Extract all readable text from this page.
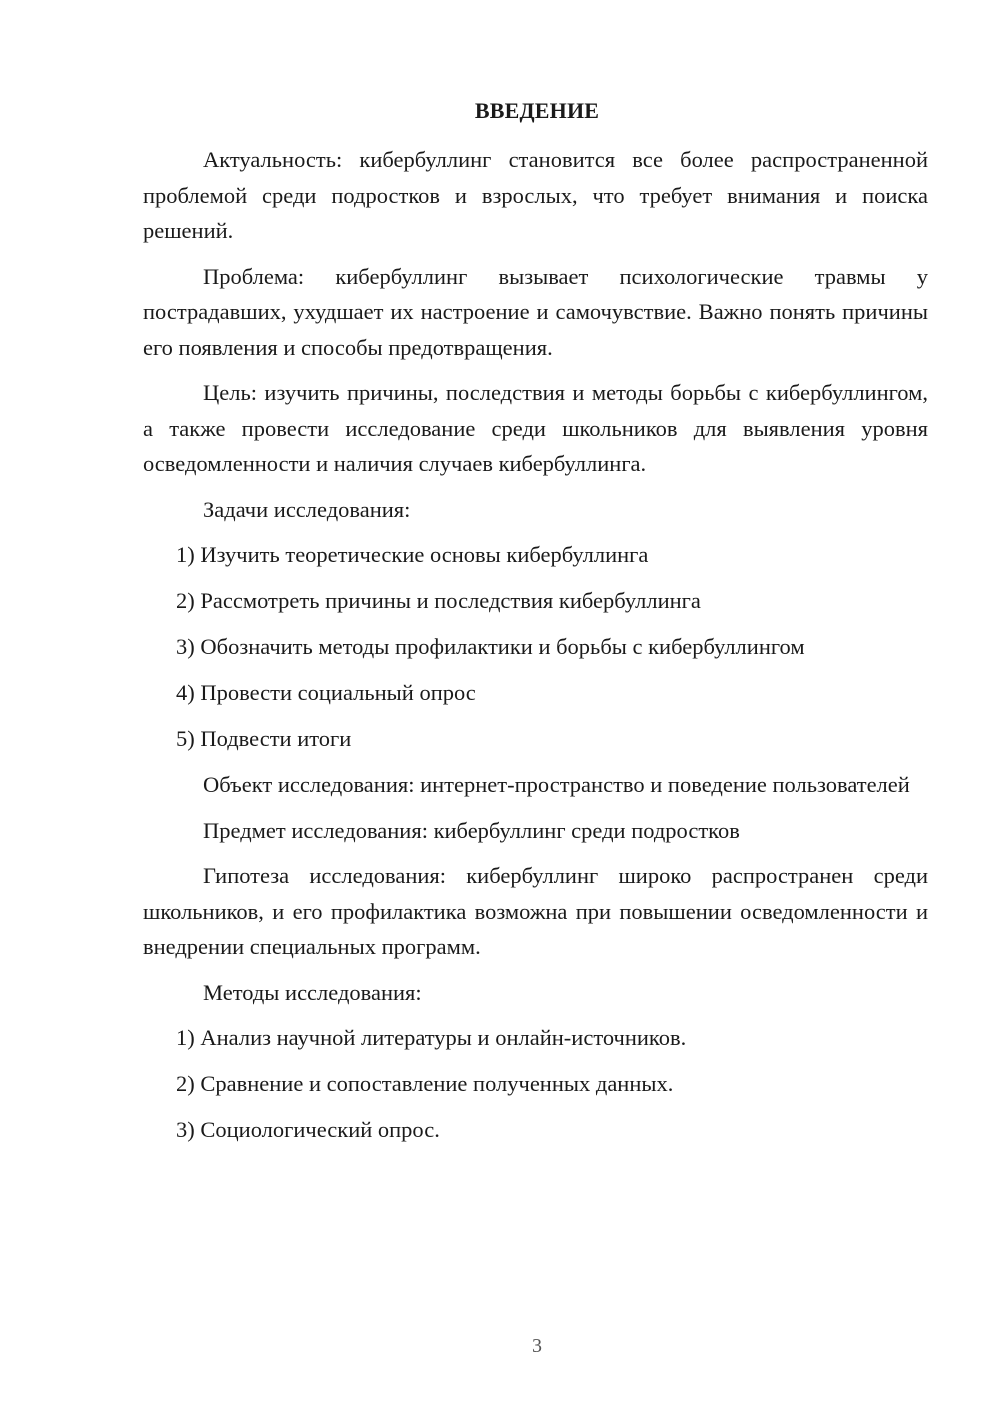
ВВЕДЕНИЕ

Актуальность: кибербуллинг становится все более распространенной проблемой среди подростков и взрослых, что требует внимания и поиска решений.

Проблема: кибербуллинг вызывает психологические травмы у пострадавших, ухудшает их настроение и самочувствие. Важно понять причины его появления и способы предотвращения.

Цель: изучить причины, последствия и методы борьбы с кибербуллингом, а также провести исследование среди школьников для выявления уровня осведомленности и наличия случаев кибербуллинга.

Задачи исследования:

1) Изучить теоретические основы кибербуллинга
2) Рассмотреть причины и последствия кибербуллинга
3) Обозначить методы профилактики и борьбы с кибербуллингом
4) Провести социальный опрос
5) Подвести итоги

Объект исследования: интернет-пространство и поведение пользователей

Предмет исследования: кибербуллинг среди подростков

Гипотеза исследования: кибербуллинг широко распространен среди школьников, и его профилактика возможна при повышении осведомленности и внедрении специальных программ.

Методы исследования:

1) Анализ научной литературы и онлайн-источников.
2) Сравнение и сопоставление полученных данных.
3) Социологический опрос.
3
